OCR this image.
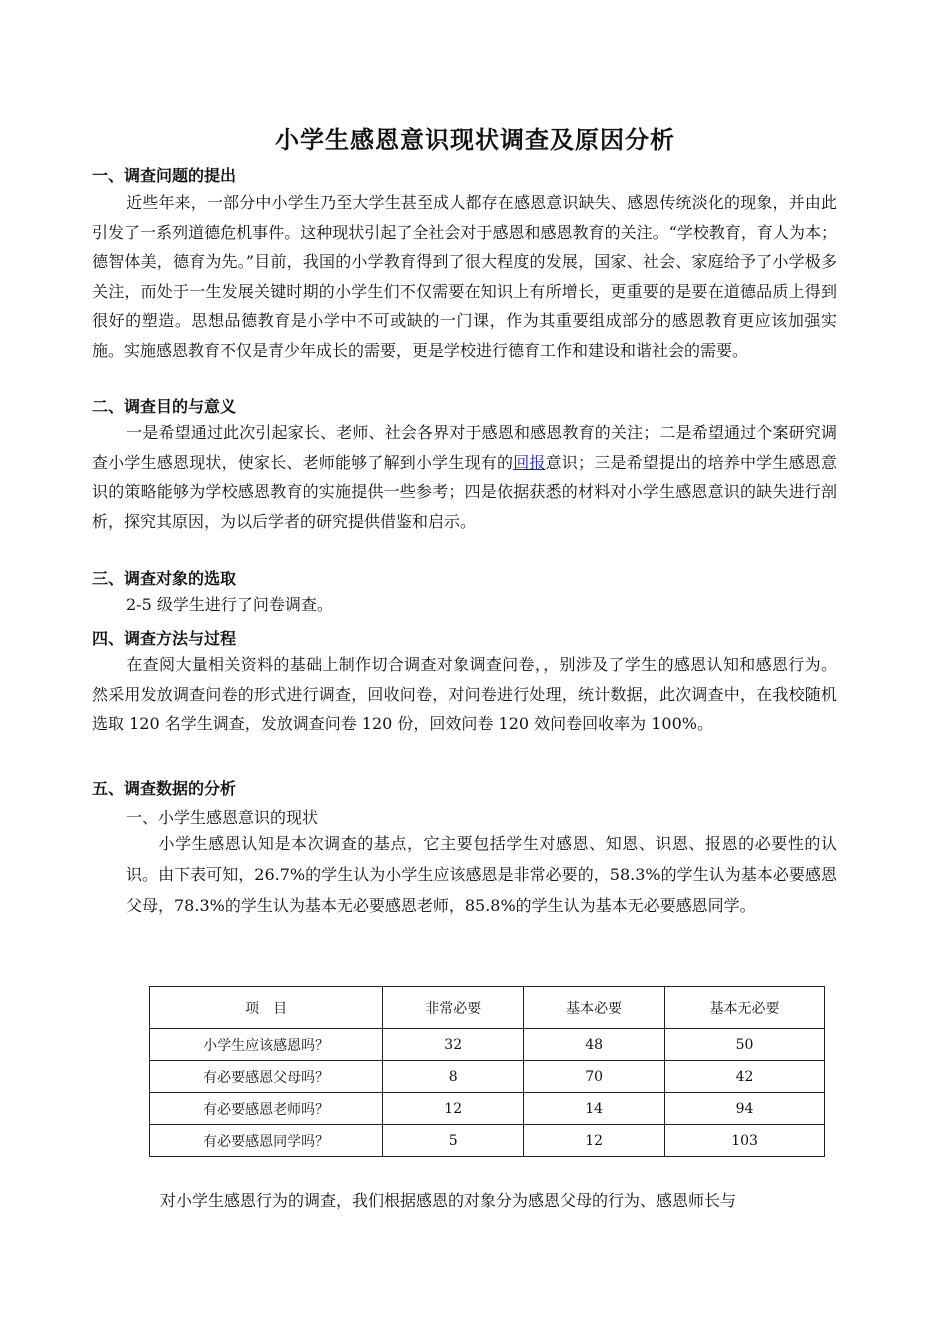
小学生感恩意识现状调查及原因分析
一、调查问题的提出
近些年来，一部分中小学生乃至大学生甚至成人都存在感恩意识缺失、感恩传统淡化的现象，并由此引发了一系列道德危机事件。这种现状引起了全社会对于感恩和感恩教育的关注。“学校教育，育人为本；德智体美，德育为先。”目前，我国的小学教育得到了很大程度的发展，国家、社会、家庭给予了小学极多关注，而处于一生发展关键时期的小学生们不仅需要在知识上有所增长，更重要的是要在道德品质上得到很好的塑造。思想品德教育是小学中不可或缺的一门课，作为其重要组成部分的感恩教育更应该加强实施。实施感恩教育不仅是青少年成长的需要，更是学校进行德育工作和建设和谐社会的需要。
二、调查目的与意义
一是希望通过此次引起家长、老师、社会各界对于感恩和感恩教育的关注；二是希望通过个案研究调查小学生感恩现状，使家长、老师能够了解到小学生现有的回报意识；三是希望提出的培养中学生感恩意识的策略能够为学校感恩教育的实施提供一些参考；四是依据获悉的材料对小学生感恩意识的缺失进行剖析，探究其原因，为以后学者的研究提供借鉴和启示。
三、调查对象的选取
2-5 级学生进行了问卷调查。
四、调查方法与过程
在查阅大量相关资料的基础上制作切合调查对象调查问卷，，别涉及了学生的感恩认知和感恩行为。然采用发放调查问卷的形式进行调查，回收问卷，对问卷进行处理，统计数据，此次调查中，在我校随机选取 120 名学生调查，发放调查问卷 120 份，回效问卷 120 效问卷回收率为 100%。
五、调查数据的分析
一、小学生感恩意识的现状
小学生感恩认知是本次调查的基点，它主要包括学生对感恩、知恩、识恩、报恩的必要性的认识。由下表可知，26.7%的学生认为小学生应该感恩是非常必要的，58.3%的学生认为基本必要感恩父母，78.3%的学生认为基本无必要感恩老师，85.8%的学生认为基本无必要感恩同学。
项　目	非常必要	基本必要	基本无必要
小学生应该感恩吗？	32	48	50
有必要感恩父母吗？	8	70	42
有必要感恩老师吗？	12	14	94
有必要感恩同学吗？	5	12	103
对小学生感恩行为的调查，我们根据感恩的对象分为感恩父母的行为、感恩师长与
